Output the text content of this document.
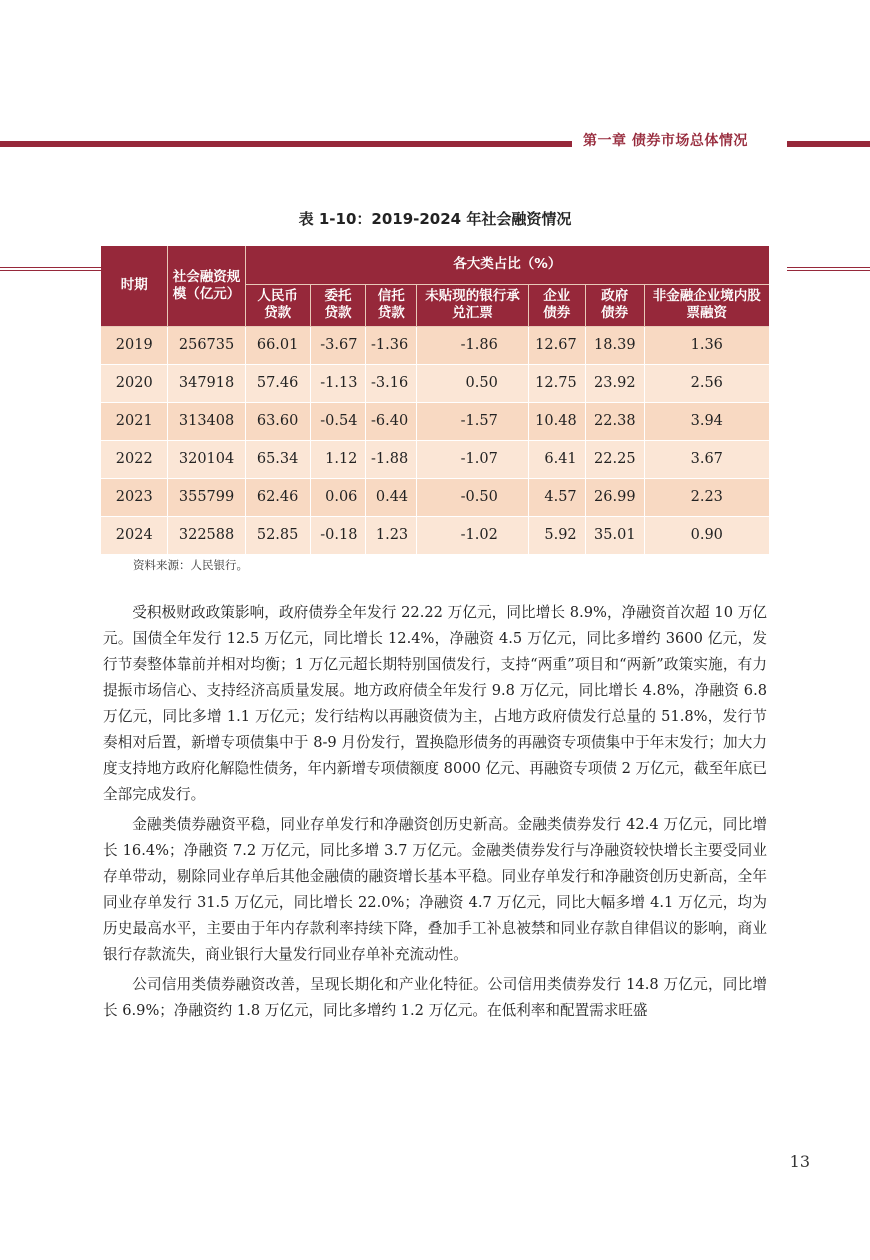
第一章 债券市场总体情况
表 1-10：2019-2024 年社会融资情况
时期	社会融资规模（亿元）	各大类占比（%）						
		人民币贷款	委托贷款	信托贷款	未贴现的银行承兑汇票	企业债券	政府债券	非金融企业境内股票融资
2019	256735	66.01	-3.67	-1.36	-1.86	12.67	18.39	1.36
2020	347918	57.46	-1.13	-3.16	0.50	12.75	23.92	2.56
2021	313408	63.60	-0.54	-6.40	-1.57	10.48	22.38	3.94
2022	320104	65.34	1.12	-1.88	-1.07	6.41	22.25	3.67
2023	355799	62.46	0.06	0.44	-0.50	4.57	26.99	2.23
2024	322588	52.85	-0.18	1.23	-1.02	5.92	35.01	0.90
资料来源：人民银行。

受积极财政政策影响，政府债券全年发行 22.22 万亿元，同比增长 8.9%，净融资首次超 10 万亿元。国债全年发行 12.5 万亿元，同比增长 12.4%，净融资 4.5 万亿元，同比多增约 3600 亿元，发行节奏整体靠前并相对均衡；1 万亿元超长期特别国债发行，支持“两重”项目和“两新”政策实施，有力提振市场信心、支持经济高质量发展。地方政府债全年发行 9.8 万亿元，同比增长 4.8%，净融资 6.8 万亿元，同比多增 1.1 万亿元；发行结构以再融资债为主，占地方政府债发行总量的 51.8%，发行节奏相对后置，新增专项债集中于 8-9 月份发行，置换隐形债务的再融资专项债集中于年末发行；加大力度支持地方政府化解隐性债务，年内新增专项债额度 8000 亿元、再融资专项债 2 万亿元，截至年底已全部完成发行。

金融类债券融资平稳，同业存单发行和净融资创历史新高。金融类债券发行 42.4 万亿元，同比增长 16.4%；净融资 7.2 万亿元，同比多增 3.7 万亿元。金融类债券发行与净融资较快增长主要受同业存单带动，剔除同业存单后其他金融债的融资增长基本平稳。同业存单发行和净融资创历史新高，全年同业存单发行 31.5 万亿元，同比增长 22.0%；净融资 4.7 万亿元，同比大幅多增 4.1 万亿元，均为历史最高水平，主要由于年内存款利率持续下降，叠加手工补息被禁和同业存款自律倡议的影响，商业银行存款流失，商业银行大量发行同业存单补充流动性。

公司信用类债券融资改善，呈现长期化和产业化特征。公司信用类债券发行 14.8 万亿元，同比增长 6.9%；净融资约 1.8 万亿元，同比多增约 1.2 万亿元。在低利率和配置需求旺盛

13
